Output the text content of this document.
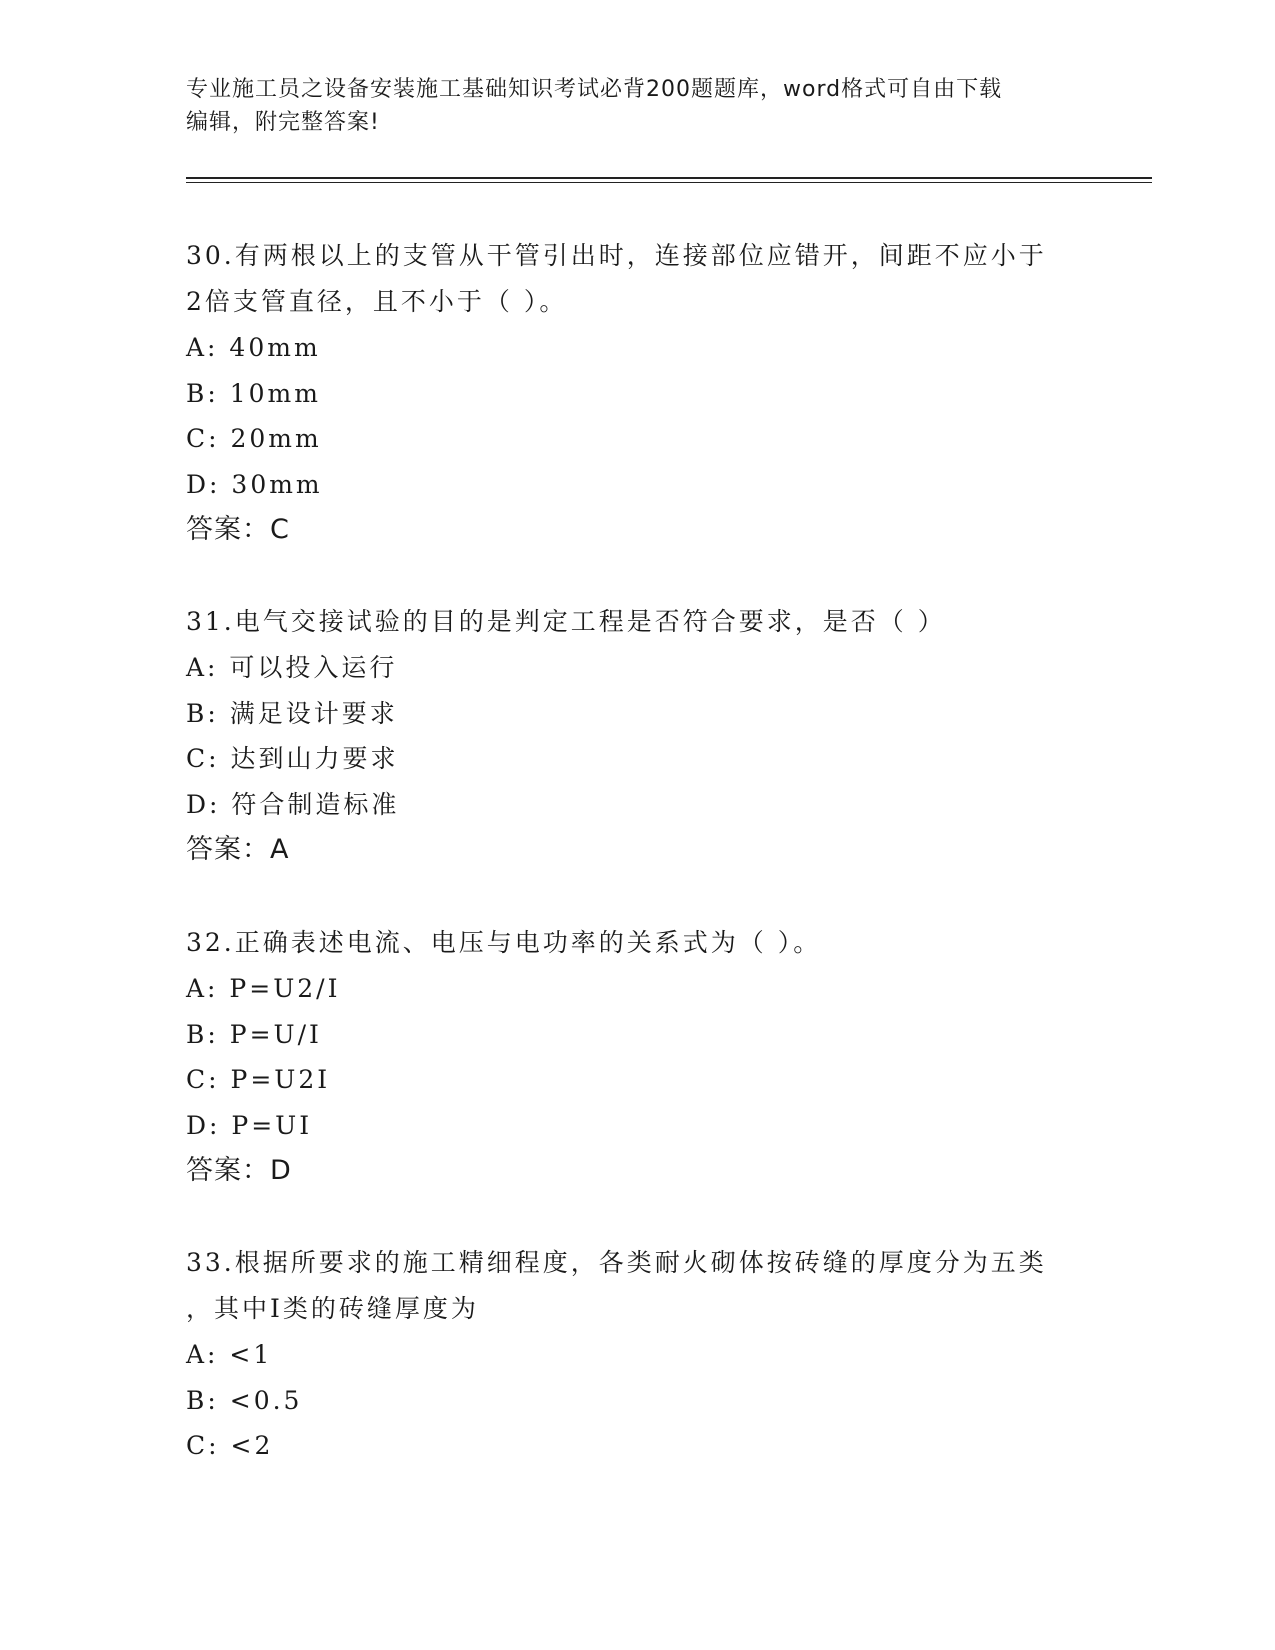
专业施工员之设备安装施工基础知识考试必背200题题库，word格式可自由下载
编辑，附完整答案!

30.有两根以上的支管从干管引出时，连接部位应错开，间距不应小于

2倍支管直径，且不小于（ ）。

A: 40mm

B: 10mm

C: 20mm

D: 30mm

答案：C

31.电气交接试验的目的是判定工程是否符合要求，是否（ ）

A: 可以投入运行

B: 满足设计要求

C: 达到山力要求

D: 符合制造标准

答案：A

32.正确表述电流、电压与电功率的关系式为（ ）。

A: P=U2/I

B: P=U/I

C: P=U2I

D: P=UI

答案：D

33.根据所要求的施工精细程度，各类耐火砌体按砖缝的厚度分为五类

，其中Ⅰ类的砖缝厚度为

A: <1

B: <0.5

C: <2
